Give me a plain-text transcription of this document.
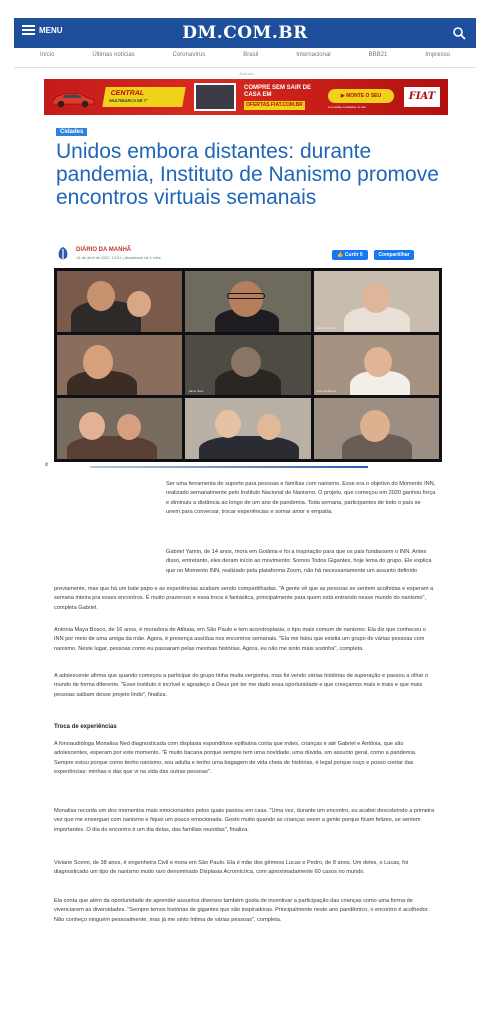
MENU	DM.COM.BR
Início	Últimas notícias	Coronavírus	Brasil	Internacional	BBB21	Impresso
Anúncio
CENTRAL
MULTIMARCA DE 7º
COMPRE SEM SAIR DE CASA EM
OFERTAS.FIAT.COM.BR
▶ MONTE O SEU
● consulte condições no site
FIAT
Cidades
Unidos embora distantes: durante pandemia, Instituto de Nanismo promove encontros virtuais semanais
DIÁRIO DA MANHÃ
14 de abril de 2021 13:31 | Atualizado há 1 mês	👍 Curtir 0	Compartilhar
Alexandra Vian
Jaime Sarc	Antonia Bosco
x

Ser uma ferramenta de suporte para pessoas e famílias com nanismo. Esse era o objetivo do Momento INN, realizado semanalmente pelo Instituto Nacional de Nanismo. O projeto, que começou em 2020 ganhou força e diminuiu a distância ao longo de um ano de pandemia. Toda semana, participantes de todo o país se unem para conversar, trocar experiências e somar amor e empatia.

Gabriel Yamin, de 14 anos, mora em Goiânia e foi a inspiração para que os pais fundassem o INN. Antes disso, entretanto, eles deram início ao movimento: Somos Todos Gigantes, hoje lema do grupo. Ele explica que no Momento INN, realizado pela plataforma Zoom, não há necessariamente um assunto definido

previamente, mas que há um bate papo e as experiências acabam sendo compartilhadas. "A gente vê que as pessoas se sentem acolhidas e esperam a semana inteira pra esses encontros. É muito prazeroso e essa troca é fantástica, principalmente para quem está entrando nesse mundo do nanismo", completa Gabriel.

Antonia Maya Bosco, de 16 anos, é moradora de Atibaia, em São Paulo e tem acondroplasia, o tipo mais comum de nanismo. Ela diz que conheceu o INN por meio de uma amiga da mãe. Agora, é presença assídua nos encontros semanais. "Ela me falou que existia um grupo de várias pessoas com nanismo. Neste lugar, pessoas como eu passaram pelas mesmas histórias. Agora, eu não me sinto mais sozinha", completa.

A adolescente afirma que quando começou a participar do grupo tinha muita vergonha, mas foi vendo várias histórias de superação e passou a olhar o mundo de forma diferente. "Esse instituto é incrível e agradeço a Deus por ter me dado essa oportunidade e que cresçamos mais e mais e que mais pessoas saibam desse projeto lindo", finaliza.

Troca de experiências

A fonoaudióloga Monalisa Ned diagnosticada com displasia espondilose epifisária conta que mães, crianças e até Gabriel e Antônia, que são adolescentes, esperam por este momento. "É muito bacana porque sempre tem uma novidade, uma dúvida, um assunto geral, como a pandemia. Sempre estou porque como tenho nanismo, sou adulta e tenho uma bagagem de vida cheia de histórias, é legal porque ouço e posso contar das experiências: minhas e das que vi na vida das outras pessoas".

Monalisa recorda um dos momentos mais emocionantes pelos quais passou em casa. "Uma vez, durante um encontro, eu acabei descobrindo a primeira vez que me enxerguei com nanismo e fiquei um pouco emocionada. Gosto muito quando as crianças veem a gente porque ficam felizes, se sentem importantes. O dia do encontro é um dia delas, das famílias reunidas", finaliza.

Viviane Scerni, de 38 anos, é engenheira Civil e mora em São Paulo. Ela é mãe dos gêmeos Lucas e Pedro, de 8 anos. Um deles, o Lucas, foi diagnosticado um tipo de nanismo muito raro denominado Displasia Acromícrica, com aproximadamente 60 casos no mundo.

Ela conta que além da oportunidade de aprender assuntos diversos também gosta de incentivar a participação das crianças como uma forma de vivenciarem as diversidades. "Sempre temos histórias de gigantes que são inspiradoras. Principalmente neste ano pandêmico, o encontro é acolhedor. Não conheço ninguém pessoalmente, mas já me sinto íntima de várias pessoas", completa.
